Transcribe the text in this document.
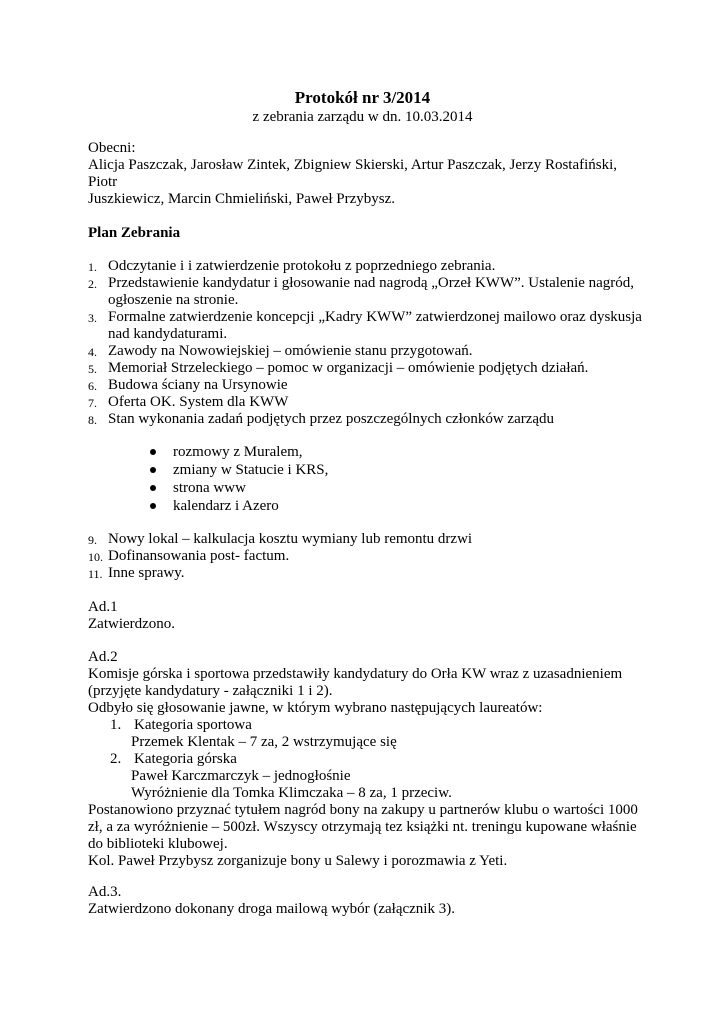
Protokół nr 3/2014
z zebrania zarządu w dn. 10.03.2014

Obecni:

Alicja Paszczak, Jarosław Zintek, Zbigniew Skierski, Artur Paszczak, Jerzy Rostafiński, Piotr

Juszkiewicz, Marcin Chmieliński, Paweł Przybysz.

Plan Zebrania
1. Odczytanie i i zatwierdzenie protokołu z poprzedniego zebrania.
2. Przedstawienie kandydatur i głosowanie nad nagrodą „Orzeł KWW”. Ustalenie nagród,
ogłoszenie na stronie.
3. Formalne zatwierdzenie koncepcji „Kadry KWW” zatwierdzonej mailowo oraz dyskusja
nad kandydaturami.
4. Zawody na Nowowiejskiej – omówienie stanu przygotowań.
5. Memoriał Strzeleckiego – pomoc w organizacji – omówienie podjętych działań.
6. Budowa ściany na Ursynowie
7. Oferta OK. System dla KWW
8. Stan wykonania zadań podjętych przez poszczególnych członków zarządu
rozmowy z Muralem,
zmiany w Statucie i KRS,
strona www
kalendarz i Azero
9. Nowy lokal – kalkulacja kosztu wymiany lub remontu drzwi
10. Dofinansowania post- factum.
11. Inne sprawy.

Ad.1

Zatwierdzono.

Ad.2

Komisje górska i sportowa przedstawiły kandydatury do Orła KW wraz z uzasadnieniem

(przyjęte kandydatury - załączniki 1 i 2).

Odbyło się głosowanie jawne, w którym wybrano następujących laureatów:

1. Kategoria sportowa

Przemek Klentak – 7 za, 2 wstrzymujące się

2. Kategoria górska

Paweł Karczmarczyk – jednogłośnie

Wyróżnienie dla Tomka Klimczaka – 8 za, 1 przeciw.

Postanowiono przyznać tytułem nagród bony na zakupy u partnerów klubu o wartości 1000

zł, a za wyróżnienie – 500zł. Wszyscy otrzymają tez książki nt. treningu kupowane właśnie

do biblioteki klubowej.

Kol. Paweł Przybysz zorganizuje bony u Salewy i porozmawia z Yeti.

Ad.3.

Zatwierdzono dokonany droga mailową wybór (załącznik 3).
